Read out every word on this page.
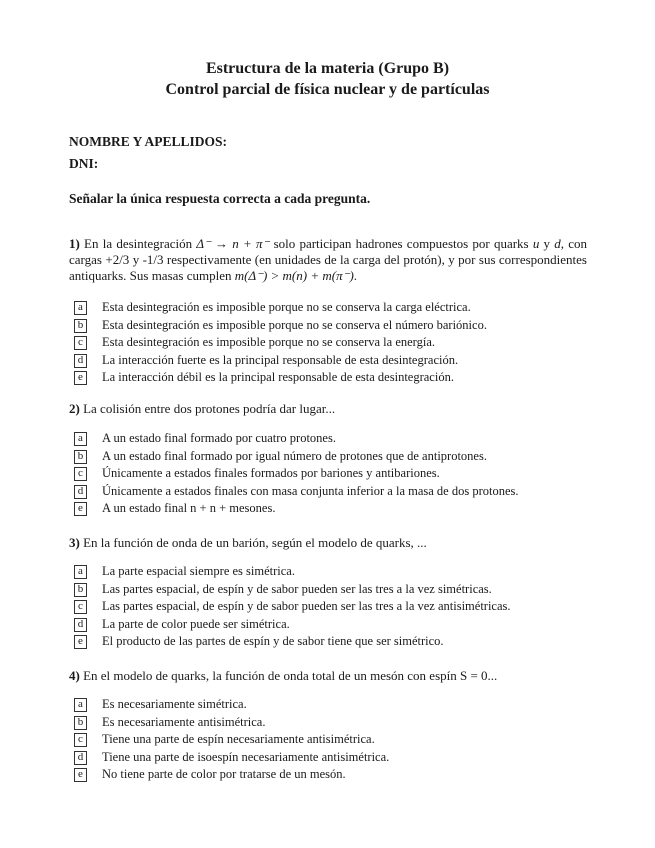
Estructura de la materia (Grupo B)
Control parcial de física nuclear y de partículas
NOMBRE Y APELLIDOS:
DNI:
Señalar la única respuesta correcta a cada pregunta.
1) En la desintegración Δ⁻ → n + π⁻ solo participan hadrones compuestos por quarks u y d, con cargas +2/3 y -1/3 respectivamente (en unidades de la carga del protón), y por sus correspondientes antiquarks. Sus masas cumplen m(Δ⁻) > m(n) + m(π⁻).
a	Esta desintegración es imposible porque no se conserva la carga eléctrica.
b	Esta desintegración es imposible porque no se conserva el número bariónico.
c	Esta desintegración es imposible porque no se conserva la energía.
d	La interacción fuerte es la principal responsable de esta desintegración.
e	La interacción débil es la principal responsable de esta desintegración.
2) La colisión entre dos protones podría dar lugar...
a	A un estado final formado por cuatro protones.
b	A un estado final formado por igual número de protones que de antiprotones.
c	Únicamente a estados finales formados por bariones y antibariones.
d	Únicamente a estados finales con masa conjunta inferior a la masa de dos protones.
e	A un estado final n + n + mesones.
3) En la función de onda de un barión, según el modelo de quarks, ...
a	La parte espacial siempre es simétrica.
b	Las partes espacial, de espín y de sabor pueden ser las tres a la vez simétricas.
c	Las partes espacial, de espín y de sabor pueden ser las tres a la vez antisimétricas.
d	La parte de color puede ser simétrica.
e	El producto de las partes de espín y de sabor tiene que ser simétrico.
4) En el modelo de quarks, la función de onda total de un mesón con espín S = 0...
a	Es necesariamente simétrica.
b	Es necesariamente antisimétrica.
c	Tiene una parte de espín necesariamente antisimétrica.
d	Tiene una parte de isoespín necesariamente antisimétrica.
e	No tiene parte de color por tratarse de un mesón.
